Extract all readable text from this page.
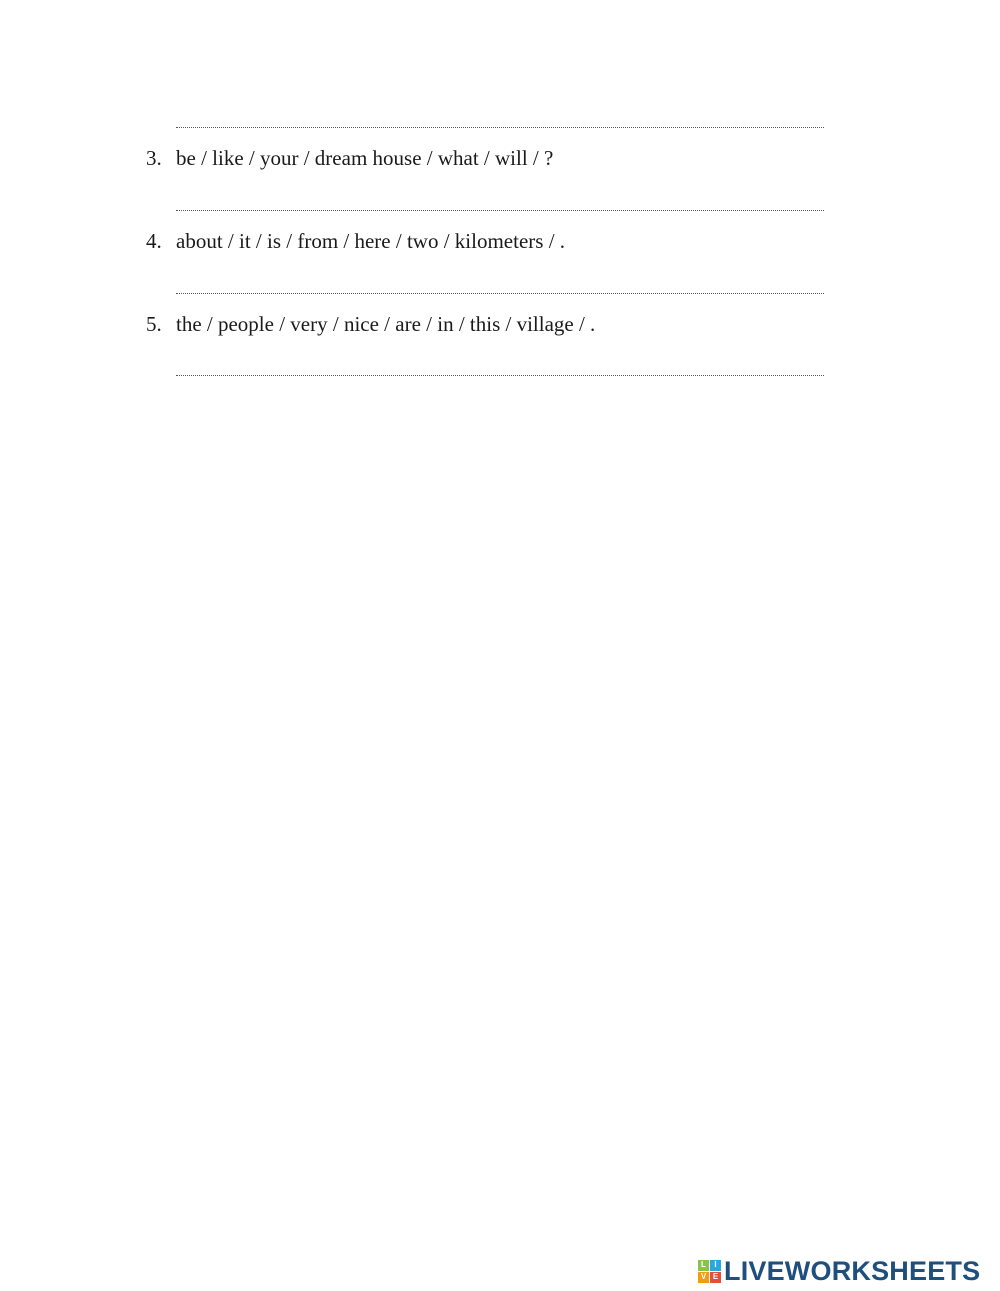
3. be / like / your / dream house / what / will / ?
4. about / it / is / from / here / two / kilometers / .
5. the / people / very / nice / are / in / this / village / .
L	I
V E LIVEWORKSHEETS
